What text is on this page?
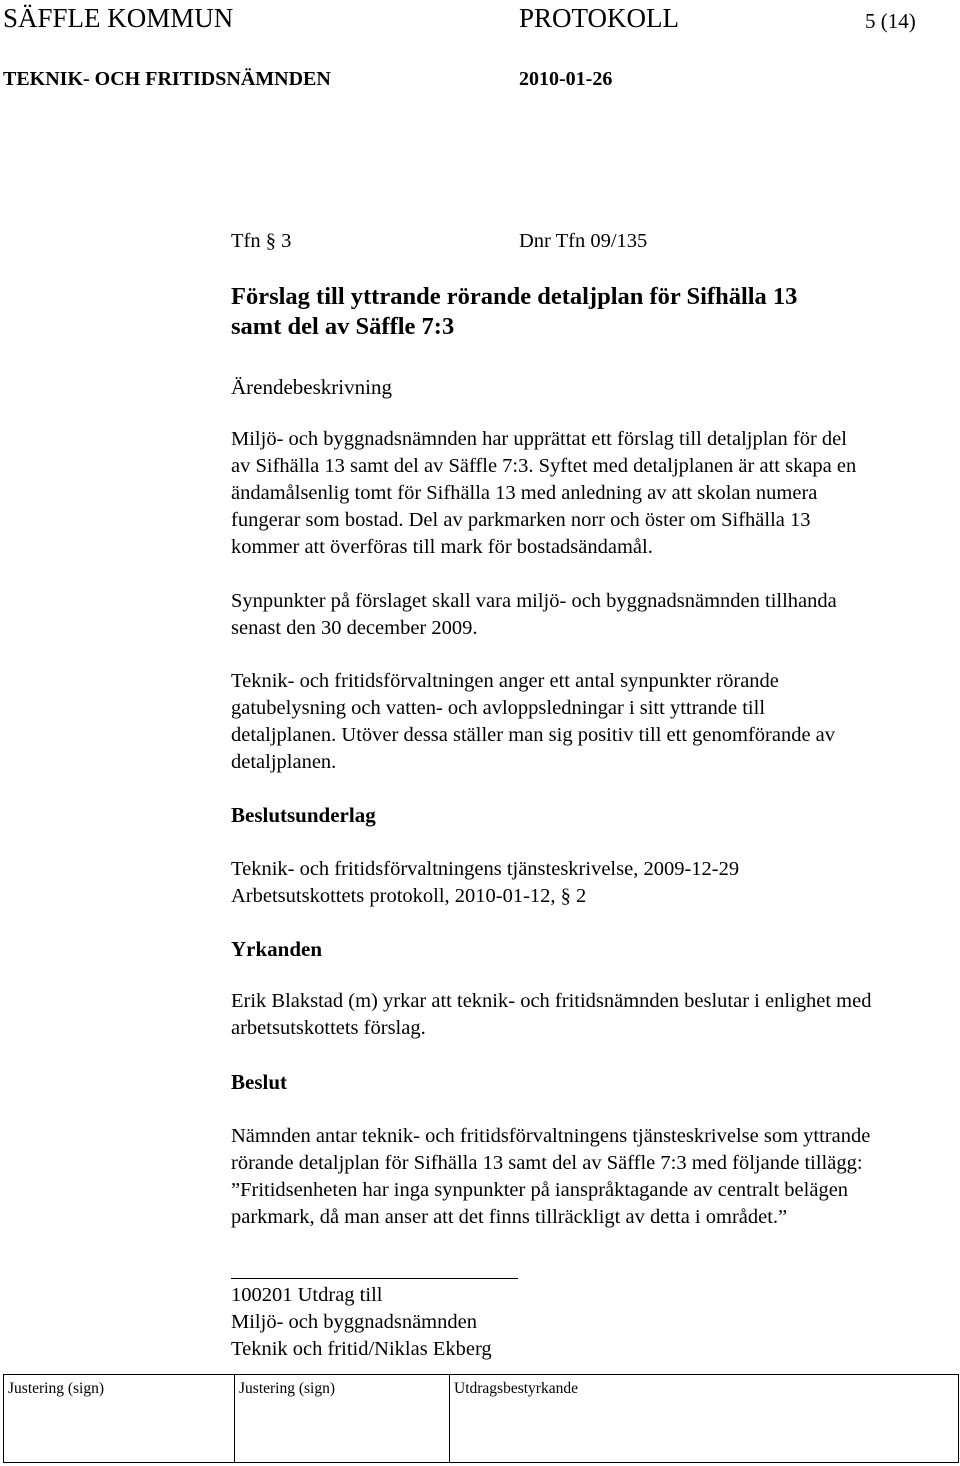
SÄFFLE KOMMUN	PROTOKOLL	5 (14)
TEKNIK- OCH FRITIDSNÄMNDEN	2010-01-26
Tfn § 3	Dnr Tfn 09/135
Förslag till yttrande rörande detaljplan för Sifhälla 13
samt del av Säffle 7:3
Ärendebeskrivning

Miljö- och byggnadsnämnden har upprättat ett förslag till detaljplan för del
av Sifhälla 13 samt del av Säffle 7:3. Syftet med detaljplanen är att skapa en
ändamålsenlig tomt för Sifhälla 13 med anledning av att skolan numera
fungerar som bostad. Del av parkmarken norr och öster om Sifhälla 13
kommer att överföras till mark för bostadsändamål.

Synpunkter på förslaget skall vara miljö- och byggnadsnämnden tillhanda
senast den 30 december 2009.

Teknik- och fritidsförvaltningen anger ett antal synpunkter rörande
gatubelysning och vatten- och avloppsledningar i sitt yttrande till
detaljplanen. Utöver dessa ställer man sig positiv till ett genomförande av
detaljplanen.

Beslutsunderlag

Teknik- och fritidsförvaltningens tjänsteskrivelse, 2009-12-29
Arbetsutskottets protokoll, 2010-01-12, § 2

Yrkanden

Erik Blakstad (m) yrkar att teknik- och fritidsnämnden beslutar i enlighet med
arbetsutskottets förslag.

Beslut

Nämnden antar teknik- och fritidsförvaltningens tjänsteskrivelse som yttrande
rörande detaljplan för Sifhälla 13 samt del av Säffle 7:3 med följande tillägg:
”Fritidsenheten har inga synpunkter på ianspråktagande av centralt belägen
parkmark, då man anser att det finns tillräckligt av detta i området.”

100201 Utdrag till
Miljö- och byggnadsnämnden
Teknik och fritid/Niklas Ekberg

Justering (sign)	Justering (sign)	Utdragsbestyrkande
